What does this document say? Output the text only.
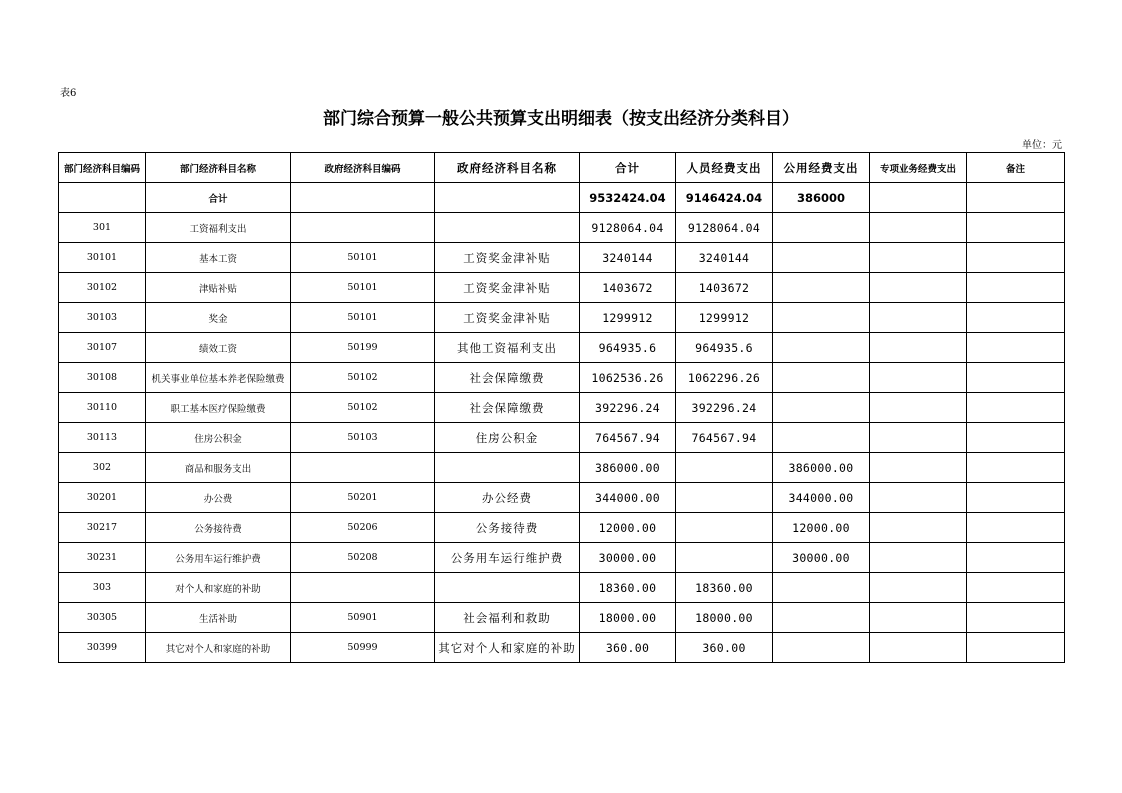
表6
部门综合预算一般公共预算支出明细表（按支出经济分类科目）
单位：元
部门经济科目编码	部门经济科目名称	政府经济科目编码	政府经济科目名称	合计	人员经费支出	公用经费支出	专项业务经费支出	备注
	合计			9532424.04	9146424.04	386000		
301	工资福利支出			9128064.04	9128064.04			
30101	基本工资	50101	工资奖金津补贴	3240144	3240144			
30102	津贴补贴	50101	工资奖金津补贴	1403672	1403672			
30103	奖金	50101	工资奖金津补贴	1299912	1299912			
30107	绩效工资	50199	其他工资福利支出	964935.6	964935.6			
30108	机关事业单位基本养老保险缴费	50102	社会保障缴费	1062536.26	1062296.26			
30110	职工基本医疗保险缴费	50102	社会保障缴费	392296.24	392296.24			
30113	住房公积金	50103	住房公积金	764567.94	764567.94			
302	商品和服务支出			386000.00		386000.00		
30201	办公费	50201	办公经费	344000.00		344000.00		
30217	公务接待费	50206	公务接待费	12000.00		12000.00		
30231	公务用车运行维护费	50208	公务用车运行维护费	30000.00		30000.00		
303	对个人和家庭的补助			18360.00	18360.00			
30305	生活补助	50901	社会福利和救助	18000.00	18000.00			
30399	其它对个人和家庭的补助	50999	其它对个人和家庭的补助	360.00	360.00			
